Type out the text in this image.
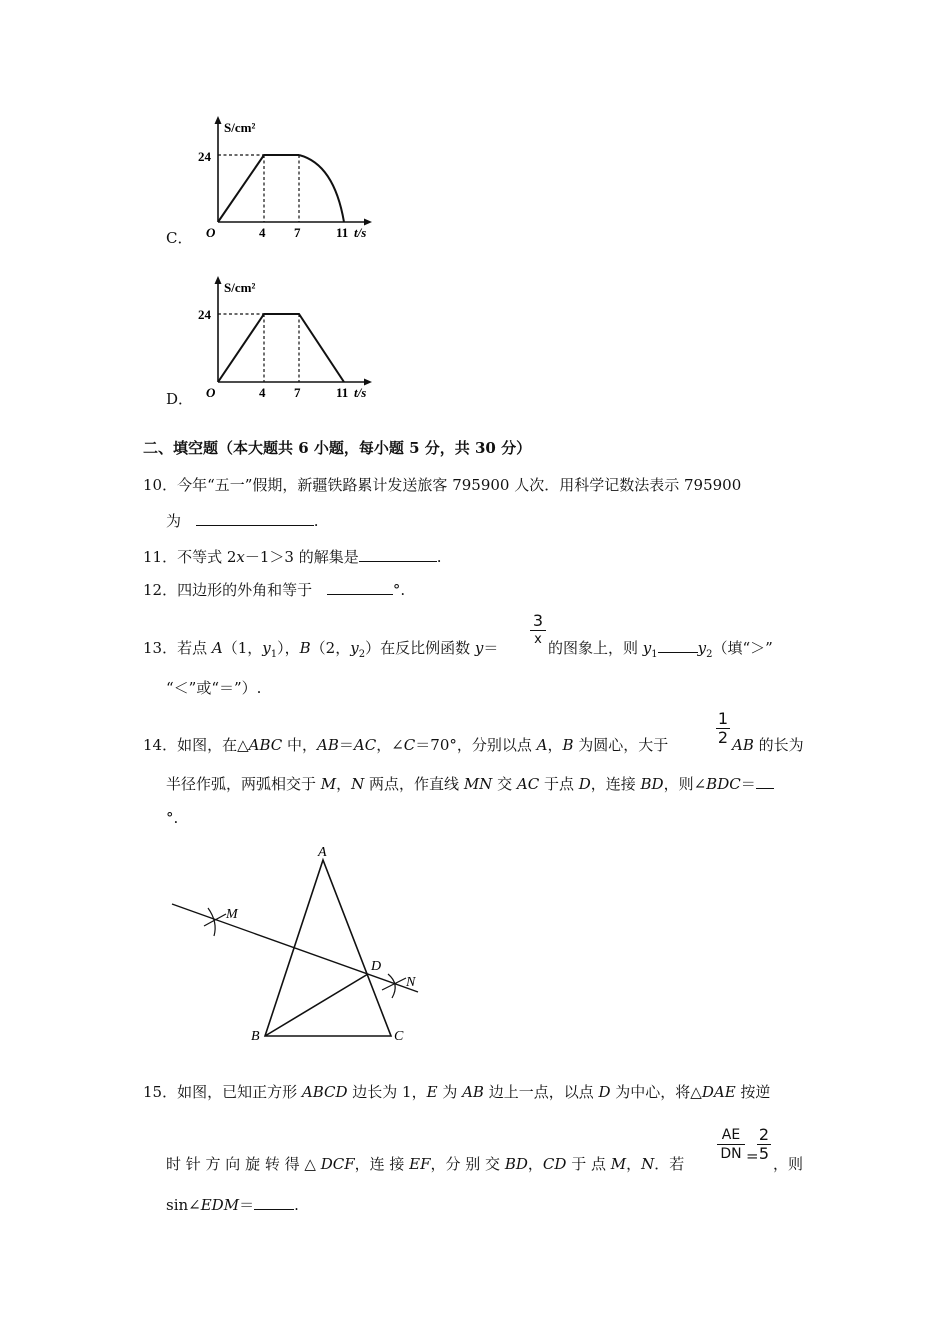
C．
S/cm²
24
O	4 7	11 t/s
D．
S/cm²
24
O	4 7	11 t/s
二、填空题（本大题共 6 小题，每小题 5 分，共 30 分）
10．今年“五一”假期，新疆铁路累计发送旅客 795900 人次．用科学记数法表示 795900
为	.
11．不等式 2x－1＞3 的解集是	.
12．四边形的外角和等于	°.
13．若点 A（1，$y_1$），B（2，$y_2$）在反比例函数 y＝
3
x 的图象上，则 $y_1$	$y_2$（填“＞”
“＜”或“＝”）.
14．如图，在△ABC 中，AB＝AC，∠C＝70°，分别以点 A，B 为圆心，大于
1
2 AB 的长为
半径作弧，两弧相交于 M，N 两点，作直线 MN 交 AC 于点 D，连接 BD，则∠BDC＝
°.
A
B	C
D
M
N
15．如图，已知正方形 ABCD 边长为 1，E 为 AB 边上一点，以点 D 为中心，将△DAE 按逆
时 针 方 向 旋 转 得 △ DCF，连 接 EF，分 别 交 BD，CD 于 点 M，N．若
AE
DN =
2
5
，则
sin∠EDM＝	.
